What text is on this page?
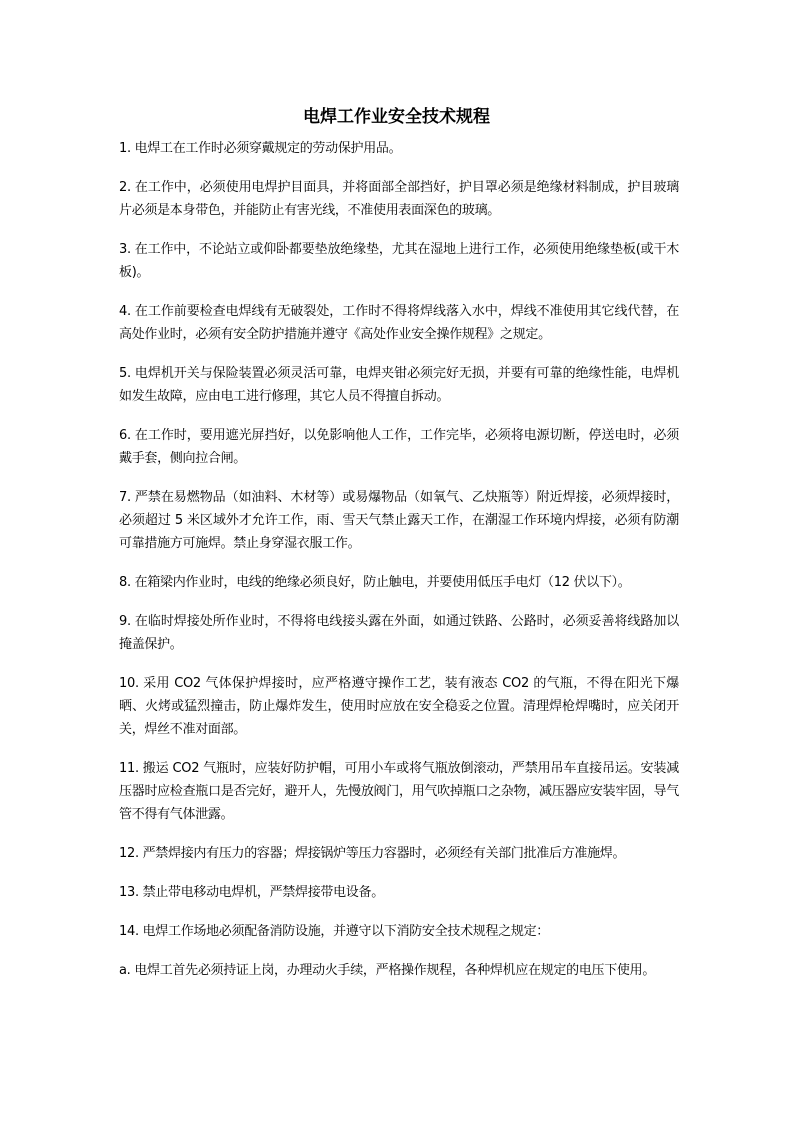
电焊工作业安全技术规程

1. 电焊工在工作时必须穿戴规定的劳动保护用品。

2. 在工作中，必须使用电焊护目面具，并将面部全部挡好，护目罩必须是绝缘材料制成，护目玻璃片必须是本身带色，并能防止有害光线，不准使用表面深色的玻璃。

3. 在工作中，不论站立或仰卧都要垫放绝缘垫，尤其在湿地上进行工作，必须使用绝缘垫板(或干木板)。

4. 在工作前要检查电焊线有无破裂处，工作时不得将焊线落入水中，焊线不准使用其它线代替，在高处作业时，必须有安全防护措施并遵守《高处作业安全操作规程》之规定。

5. 电焊机开关与保险装置必须灵活可靠，电焊夹钳必须完好无损，并要有可靠的绝缘性能，电焊机如发生故障，应由电工进行修理，其它人员不得擅自拆动。

6. 在工作时，要用遮光屏挡好，以免影响他人工作，工作完毕，必须将电源切断，停送电时，必须戴手套，侧向拉合闸。

7. 严禁在易燃物品（如油料、木材等）或易爆物品（如氧气、乙炔瓶等）附近焊接，必须焊接时，必须超过 5 米区域外才允许工作，雨、雪天气禁止露天工作，在潮湿工作环境内焊接，必须有防潮可靠措施方可施焊。禁止身穿湿衣服工作。

8. 在箱梁内作业时，电线的绝缘必须良好，防止触电，并要使用低压手电灯（12 伏以下）。

9. 在临时焊接处所作业时，不得将电线接头露在外面，如通过铁路、公路时，必须妥善将线路加以掩盖保护。

10. 采用 CO2 气体保护焊接时，应严格遵守操作工艺，装有液态 CO2 的气瓶，不得在阳光下爆晒、火烤或猛烈撞击，防止爆炸发生，使用时应放在安全稳妥之位置。清理焊枪焊嘴时，应关闭开关，焊丝不准对面部。

11. 搬运 CO2 气瓶时，应装好防护帽，可用小车或将气瓶放倒滚动，严禁用吊车直接吊运。安装减压器时应检查瓶口是否完好，避开人，先慢放阀门，用气吹掉瓶口之杂物，减压器应安装牢固，导气管不得有气体泄露。

12. 严禁焊接内有压力的容器；焊接锅炉等压力容器时，必须经有关部门批准后方准施焊。

13. 禁止带电移动电焊机，严禁焊接带电设备。

14. 电焊工作场地必须配备消防设施，并遵守以下消防安全技术规程之规定：

a. 电焊工首先必须持证上岗，办理动火手续，严格操作规程，各种焊机应在规定的电压下使用。
